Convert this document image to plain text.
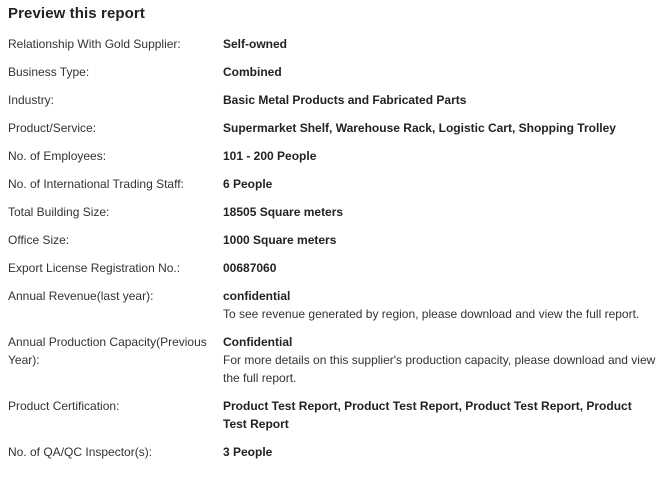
Preview this report
Relationship With Gold Supplier:	Self-owned

Business Type:	Combined

Industry:	Basic Metal Products and Fabricated Parts

Product/Service:	Supermarket Shelf, Warehouse Rack, Logistic Cart, Shopping Trolley

No. of Employees:	101 - 200 People

No. of International Trading Staff:	6 People

Total Building Size:	18505 Square meters

Office Size:	1000 Square meters

Export License Registration No.:	00687060

Annual Revenue(last year):	confidential
To see revenue generated by region, please download and view the full report.

Annual Production Capacity(Previous Year):	Confidential
For more details on this supplier's production capacity, please download and view the full report.

Product Certification:	Product Test Report, Product Test Report, Product Test Report, Product Test Report

No. of QA/QC Inspector(s):	3 People
